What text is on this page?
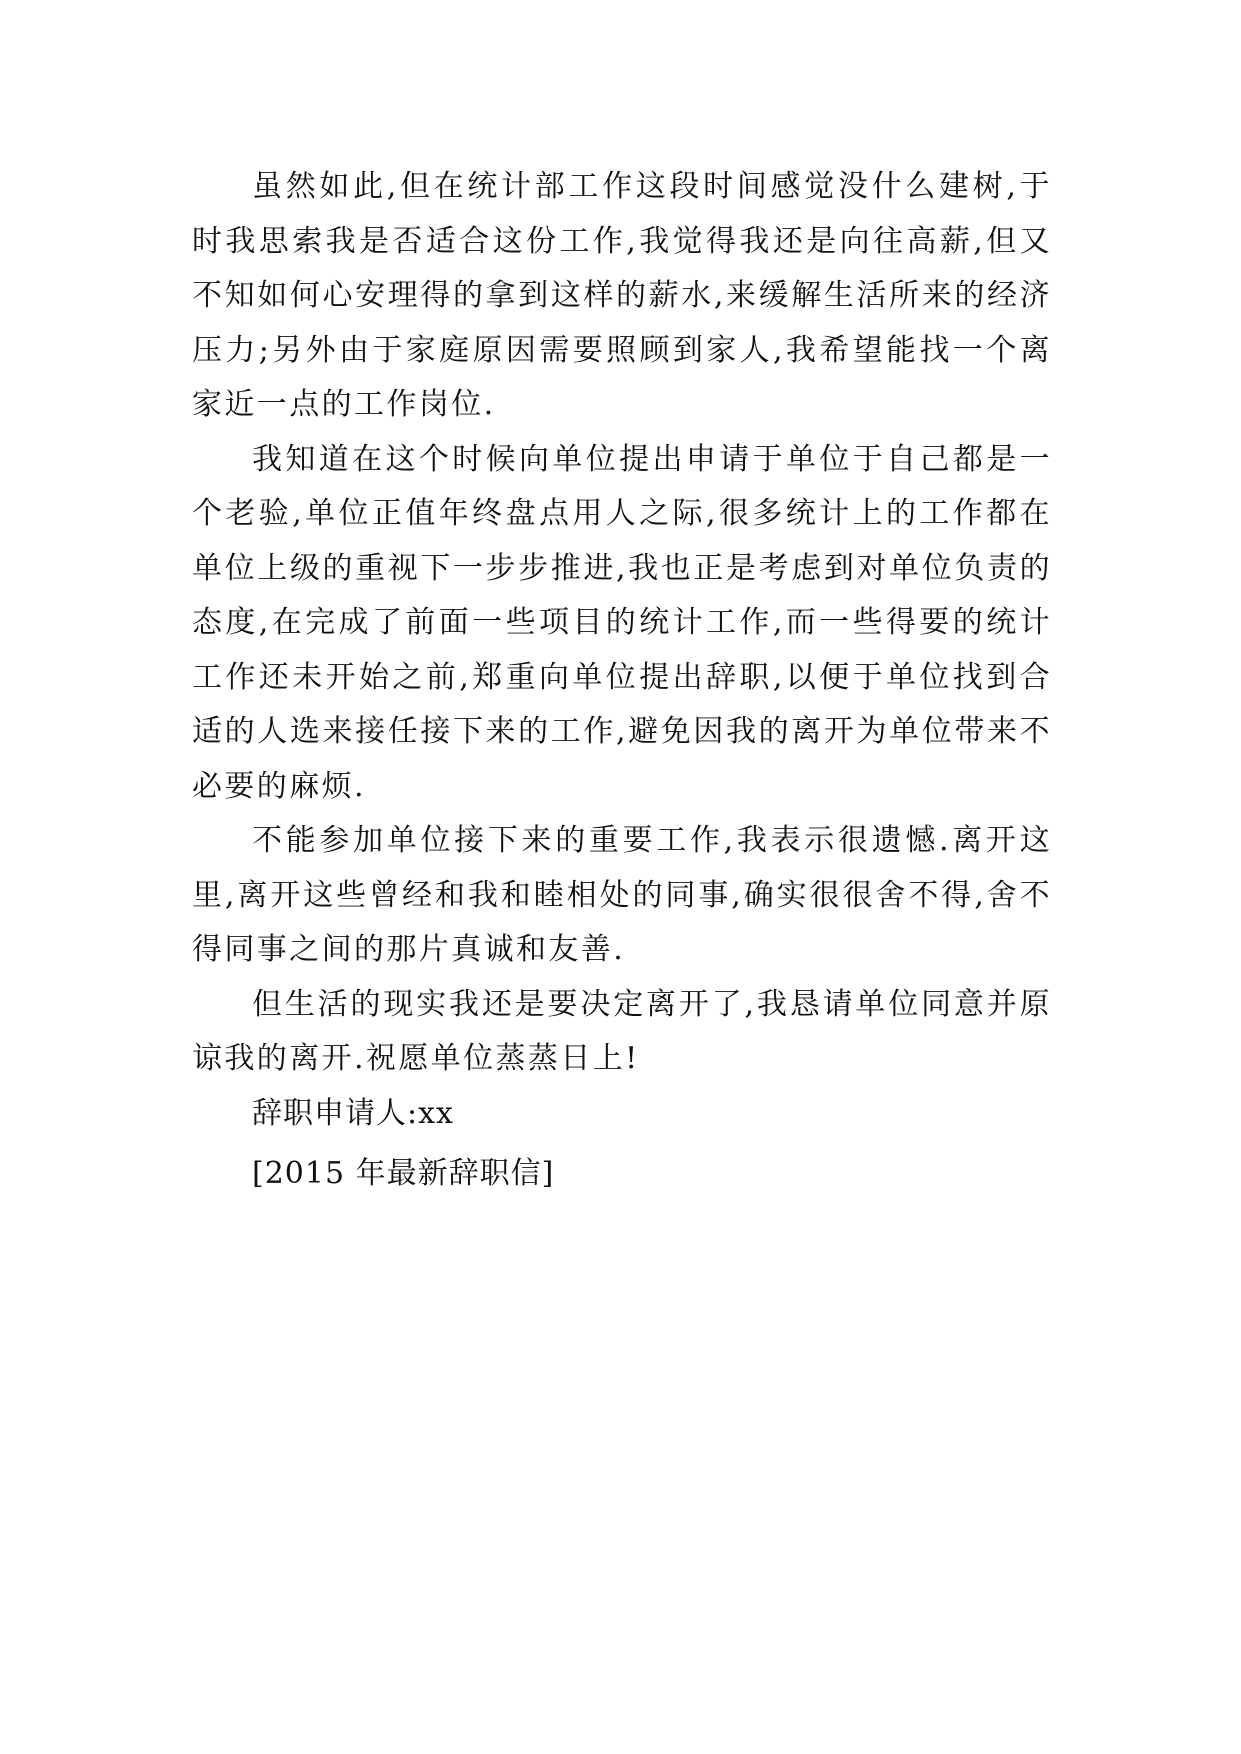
虽然如此,但在统计部工作这段时间感觉没什么建树,于时我思索我是否适合这份工作,我觉得我还是向往高薪,但又不知如何心安理得的拿到这样的薪水,来缓解生活所来的经济压力;另外由于家庭原因需要照顾到家人,我希望能找一个离家近一点的工作岗位.

我知道在这个时候向单位提出申请于单位于自己都是一个老验,单位正值年终盘点用人之际,很多统计上的工作都在单位上级的重视下一步步推进,我也正是考虑到对单位负责的态度,在完成了前面一些项目的统计工作,而一些得要的统计工作还未开始之前,郑重向单位提出辞职,以便于单位找到合适的人选来接任接下来的工作,避免因我的离开为单位带来不必要的麻烦.

不能参加单位接下来的重要工作,我表示很遗憾.离开这里,离开这些曾经和我和睦相处的同事,确实很很舍不得,舍不得同事之间的那片真诚和友善.

但生活的现实我还是要决定离开了,我恳请单位同意并原谅我的离开.祝愿单位蒸蒸日上!

辞职申请人:xx

[2015 年最新辞职信]
